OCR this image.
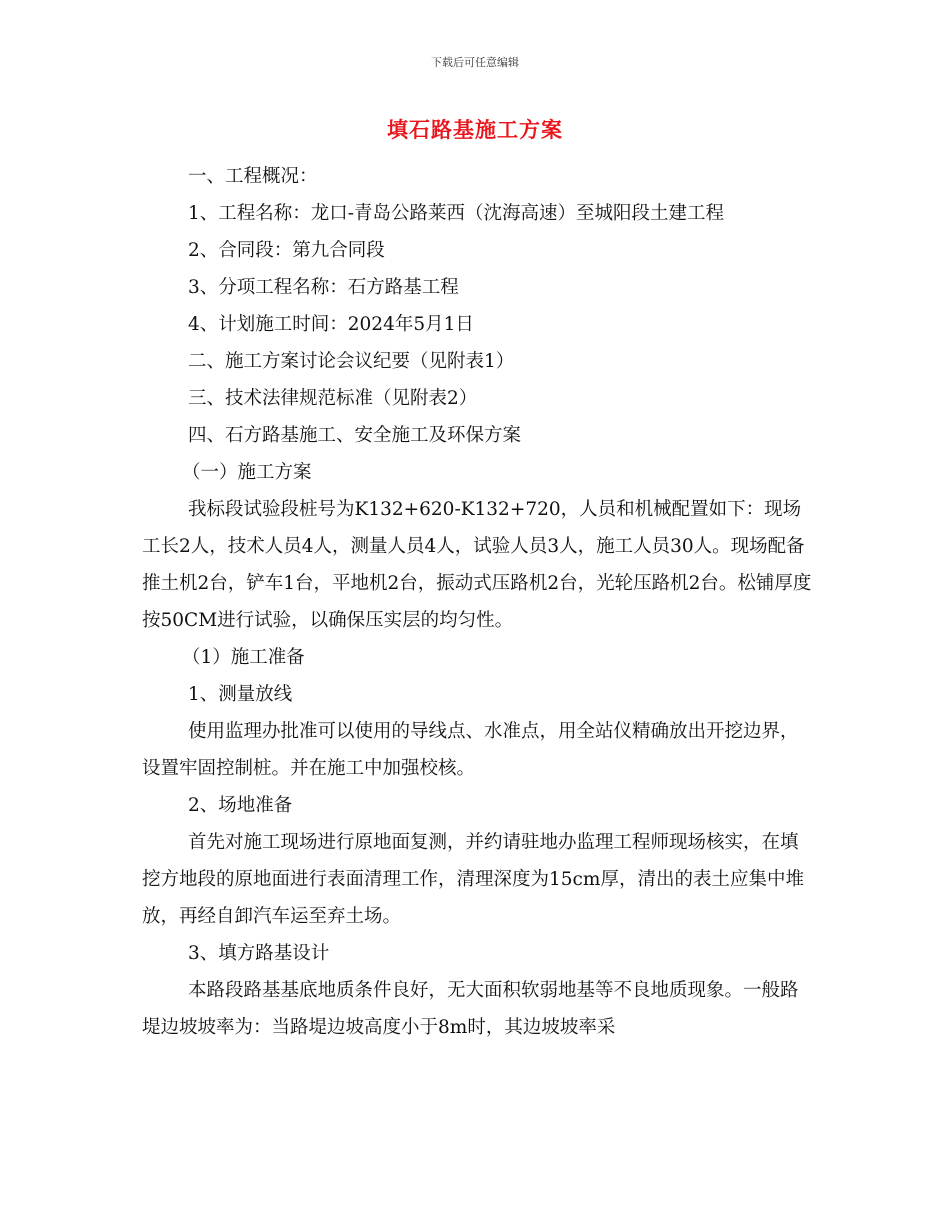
下载后可任意编辑
填石路基施工方案

一、工程概况：

1、工程名称：龙口-青岛公路莱西（沈海高速）至城阳段土建工程

2、合同段：第九合同段

3、分项工程名称：石方路基工程

4、计划施工时间：2024年5月1日

二、施工方案讨论会议纪要（见附表1）

三、技术法律规范标准（见附表2）

四、石方路基施工、安全施工及环保方案

（一）施工方案

我标段试验段桩号为K132+620-K132+720，人员和机械配置如下：现场工长2人，技术人员4人，测量人员4人，试验人员3人，施工人员30人。现场配备推土机2台，铲车1台，平地机2台，振动式压路机2台，光轮压路机2台。松铺厚度按50CM进行试验，以确保压实层的均匀性。

（1）施工准备

1、测量放线

使用监理办批准可以使用的导线点、水准点，用全站仪精确放出开挖边界，设置牢固控制桩。并在施工中加强校核。

2、场地准备

首先对施工现场进行原地面复测，并约请驻地办监理工程师现场核实，在填挖方地段的原地面进行表面清理工作，清理深度为15cm厚，清出的表土应集中堆放，再经自卸汽车运至弃土场。

3、填方路基设计

本路段路基基底地质条件良好，无大面积软弱地基等不良地质现象。一般路堤边坡坡率为：当路堤边坡高度小于8m时，其边坡坡率采
